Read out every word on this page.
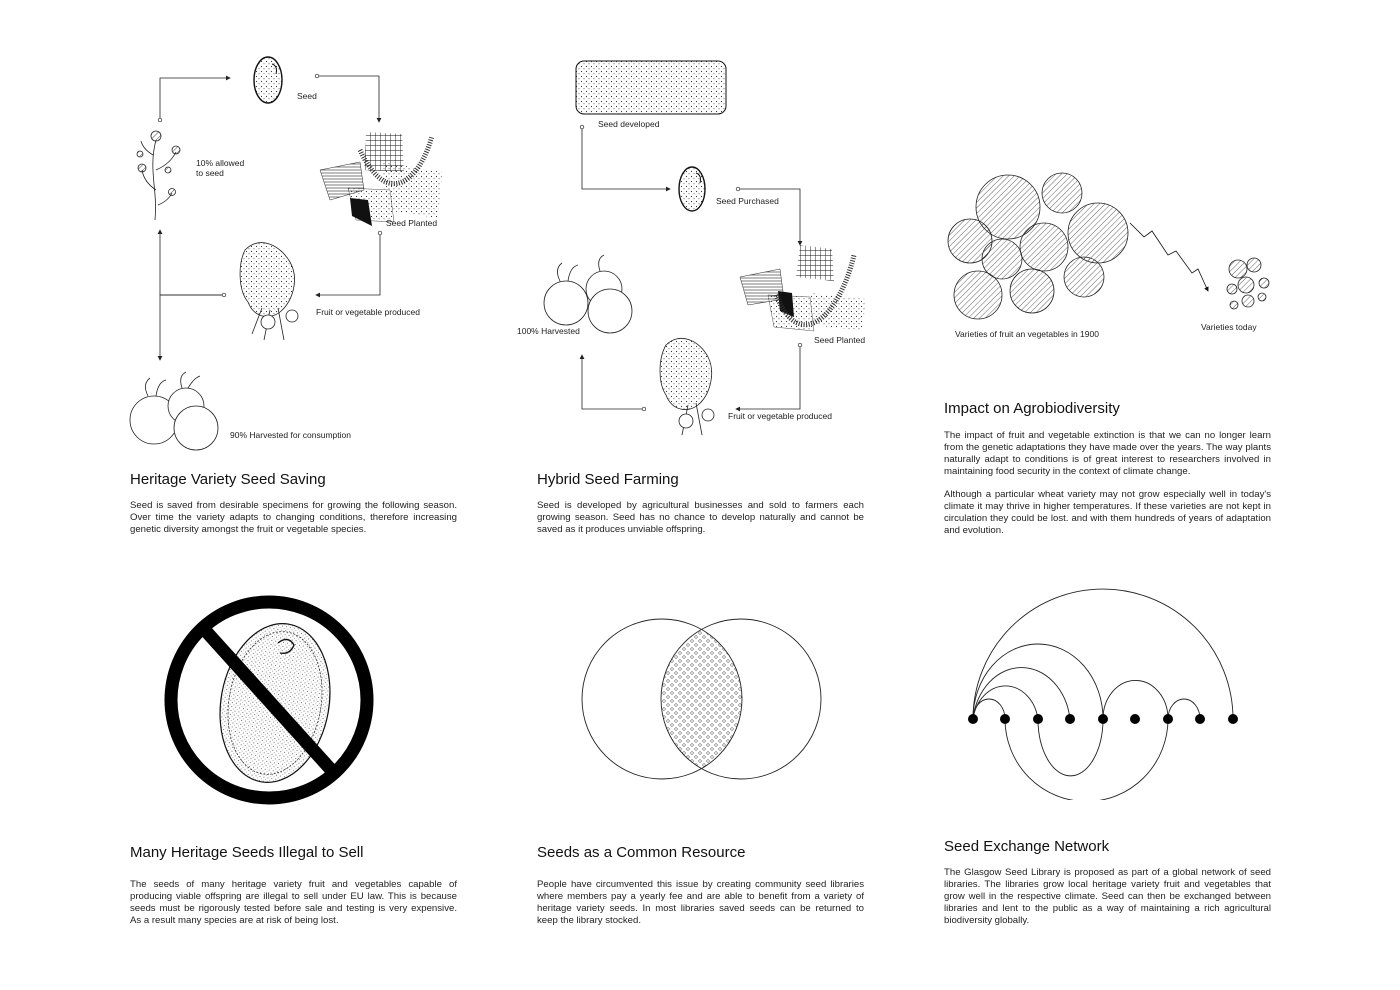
Seed
10% allowed
to seed
Seed Planted
Fruit or vegetable produced
90% Harvested for consumption
Heritage Variety Seed Saving

Seed is saved from desirable specimens for growing the following season. Over time the variety adapts to changing conditions, therefore increasing genetic diversity amongst the fruit or vegetable species.

Seed developed
Seed Purchased
Seed Planted
Fruit or vegetable produced
100% Harvested
Hybrid Seed Farming

Seed is developed by agricultural businesses and sold to farmers each growing season. Seed has no chance to develop naturally and cannot be saved as it produces unviable offspring.

Varieties of fruit an vegetables in 1900
Varieties today
Impact on Agrobiodiversity

The impact of fruit and vegetable extinction is that we can no longer learn from the genetic adaptations they have made over the years. The way plants naturally adapt to conditions is of great interest to researchers involved in maintaining food security in the context of climate change.

Although a particular wheat variety may not grow especially well in today's climate it may thrive in higher temperatures. If these varieties are not kept in circulation they could be lost. and with them hundreds of years of adaptation and evolution.

Many Heritage Seeds Illegal to Sell

The seeds of many heritage variety fruit and vegetables capable of producing viable offspring are illegal to sell under EU law. This is because seeds must be rigorously tested before sale and testing is very expensive. As a result many species are at risk of being lost.

Seeds as a Common Resource

People have circumvented this issue by creating community seed libraries where members pay a yearly fee and are able to benefit from a variety of heritage variety seeds. In most libraries saved seeds can be returned to keep the library stocked.

Seed Exchange Network

The Glasgow Seed Library is proposed as part of a global network of seed libraries. The libraries grow local heritage variety fruit and vegetables that grow well in the respective climate. Seed can then be exchanged between libraries and lent to the public as a way of maintaining a rich agricultural biodiversity globally.
